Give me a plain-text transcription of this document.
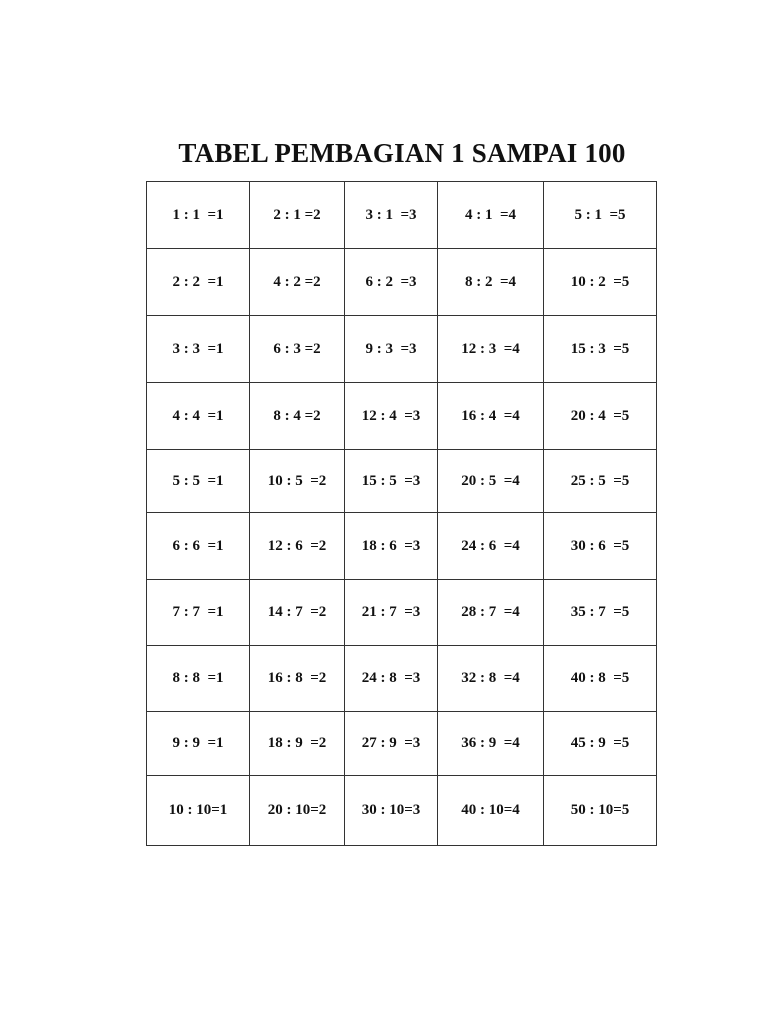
TABEL PEMBAGIAN 1 SAMPAI 100
1 : 1  =1	2 : 1 =2	3 : 1  =3	4 : 1  =4	5 : 1  =5
2 : 2  =1	4 : 2 =2	6 : 2  =3	8 : 2  =4	10 : 2  =5
3 : 3  =1	6 : 3 =2	9 : 3  =3	12 : 3  =4	15 : 3  =5
4 : 4  =1	8 : 4 =2	12 : 4  =3	16 : 4  =4	20 : 4  =5
5 : 5  =1	10 : 5  =2	15 : 5  =3	20 : 5  =4	25 : 5  =5
6 : 6  =1	12 : 6  =2	18 : 6  =3	24 : 6  =4	30 : 6  =5
7 : 7  =1	14 : 7  =2	21 : 7  =3	28 : 7  =4	35 : 7  =5
8 : 8  =1	16 : 8  =2	24 : 8  =3	32 : 8  =4	40 : 8  =5
9 : 9  =1	18 : 9  =2	27 : 9  =3	36 : 9  =4	45 : 9  =5
10 : 10=1	20 : 10=2	30 : 10=3	40 : 10=4	50 : 10=5
